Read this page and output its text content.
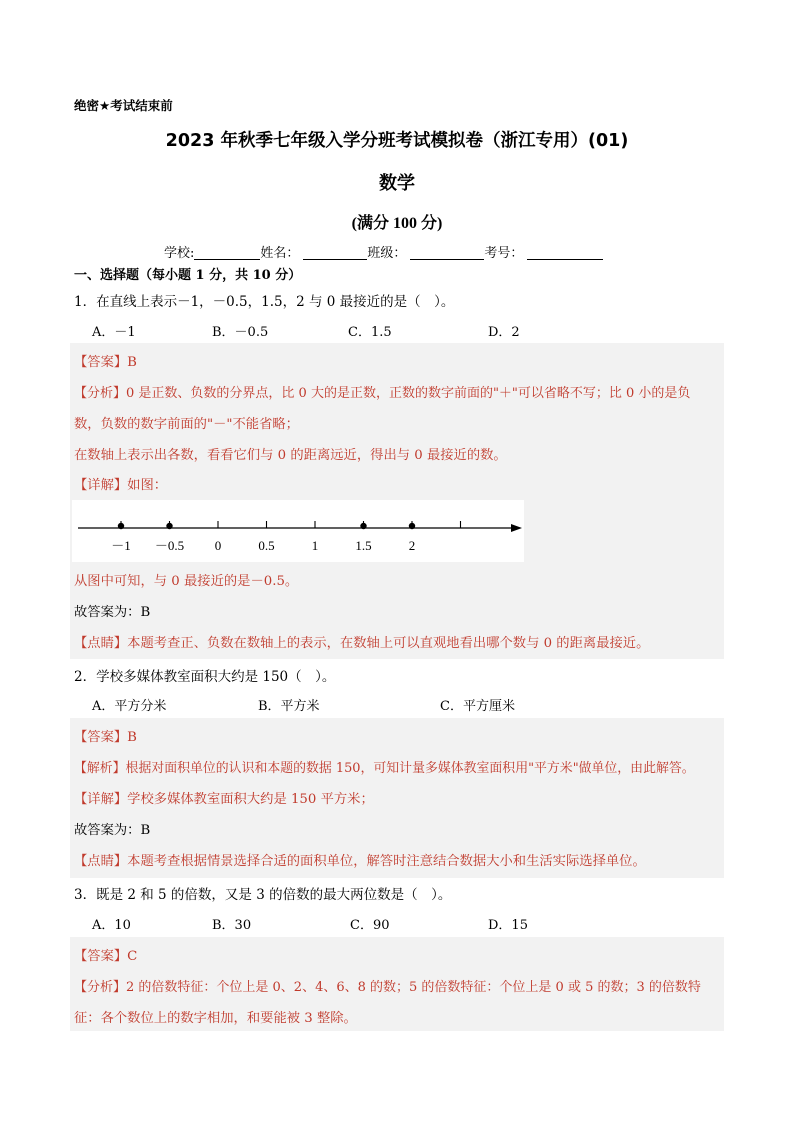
绝密★考试结束前
2023 年秋季七年级入学分班考试模拟卷（浙江专用）(01)
数学
(满分 100 分)
学校:	姓名：	班级：	考号：
一、选择题（每小题 1 分，共 10 分）
1．在直线上表示－1，－0.5，1.5，2 与 0 最接近的是（　）。
A．－1	B．－0.5	C．1.5	D．2
【答案】B
【分析】0 是正数、负数的分界点，比 0 大的是正数，正数的数字前面的"＋"可以省略不写；比 0 小的是负
数，负数的数字前面的"－"不能省略；
在数轴上表示出各数，看看它们与 0 的距离远近，得出与 0 最接近的数。
【详解】如图：
－1 －0.5 0	0.5	1	1.5	2
从图中可知，与 0 最接近的是－0.5。
故答案为：B
【点睛】本题考查正、负数在数轴上的表示，在数轴上可以直观地看出哪个数与 0 的距离最接近。
2．学校多媒体教室面积大约是 150（　）。
A．平方分米	B．平方米	C．平方厘米
【答案】B
【解析】根据对面积单位的认识和本题的数据 150，可知计量多媒体教室面积用"平方米"做单位，由此解答。
【详解】学校多媒体教室面积大约是 150 平方米；
故答案为：B
【点睛】本题考查根据情景选择合适的面积单位，解答时注意结合数据大小和生活实际选择单位。
3．既是 2 和 5 的倍数，又是 3 的倍数的最大两位数是（　）。
A．10	B．30	C．90	D．15
【答案】C
【分析】2 的倍数特征：个位上是 0、2、4、6、8 的数；5 的倍数特征：个位上是 0 或 5 的数；3 的倍数特
征：各个数位上的数字相加，和要能被 3 整除。
